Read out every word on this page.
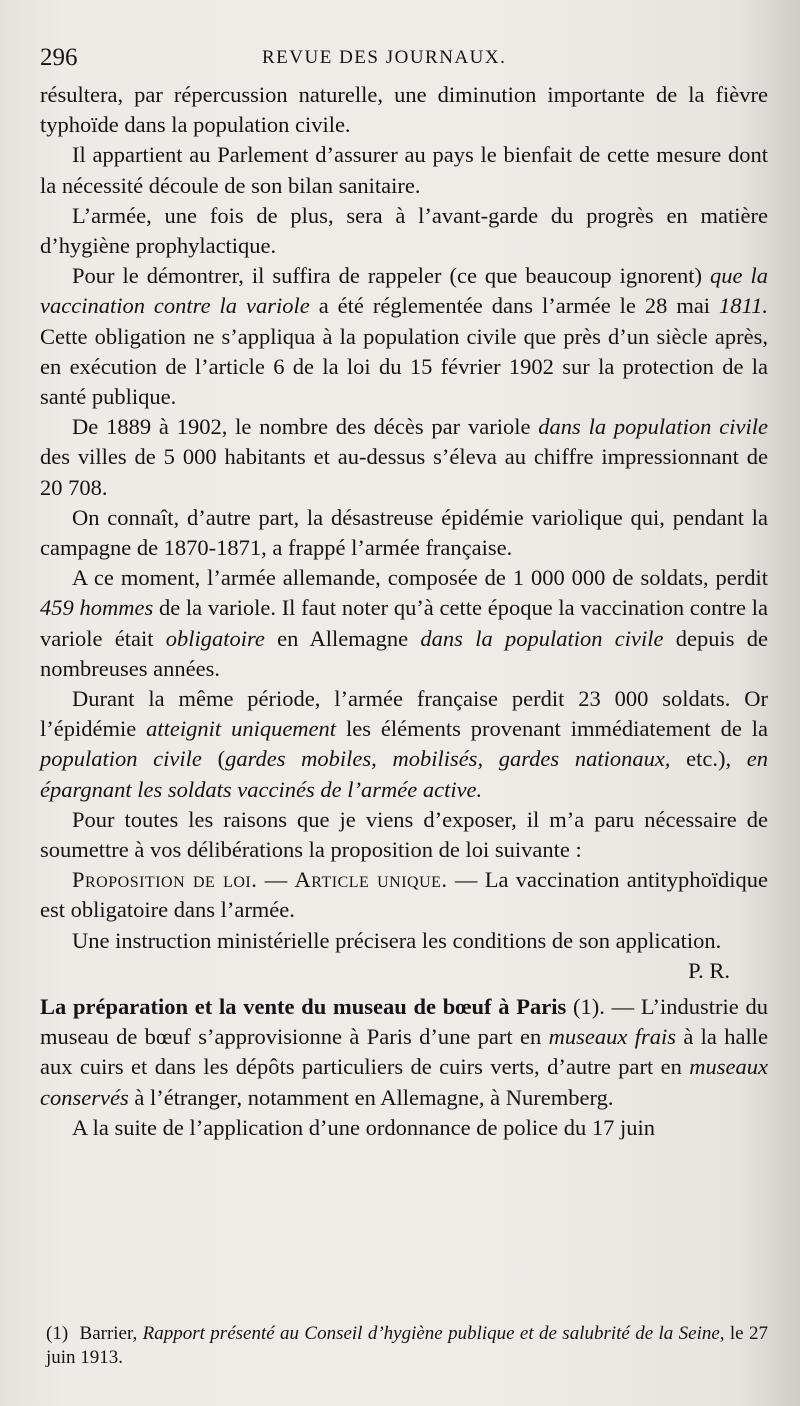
296	REVUE DES JOURNAUX.

résultera, par répercussion naturelle, une diminution importante de la fièvre typhoïde dans la population civile.

Il appartient au Parlement d’assurer au pays le bienfait de cette mesure dont la nécessité découle de son bilan sanitaire.

L’armée, une fois de plus, sera à l’avant-garde du progrès en matière d’hygiène prophylactique.

Pour le démontrer, il suffira de rappeler (ce que beaucoup ignorent) que la vaccination contre la variole a été réglementée dans l’armée le 28 mai 1811. Cette obligation ne s’appliqua à la population civile que près d’un siècle après, en exécution de l’article 6 de la loi du 15 février 1902 sur la protection de la santé publique.

De 1889 à 1902, le nombre des décès par variole dans la population civile des villes de 5 000 habitants et au-dessus s’éleva au chiffre impressionnant de 20 708.

On connaît, d’autre part, la désastreuse épidémie variolique qui, pendant la campagne de 1870-1871, a frappé l’armée française.

A ce moment, l’armée allemande, composée de 1 000 000 de soldats, perdit 459 hommes de la variole. Il faut noter qu’à cette époque la vaccination contre la variole était obligatoire en Allemagne dans la population civile depuis de nombreuses années.

Durant la même période, l’armée française perdit 23 000 soldats. Or l’épidémie atteignit uniquement les éléments provenant immédiatement de la population civile (gardes mobiles, mobilisés, gardes nationaux, etc.), en épargnant les soldats vaccinés de l’armée active.

Pour toutes les raisons que je viens d’exposer, il m’a paru nécessaire de soumettre à vos délibérations la proposition de loi suivante :

Proposition de loi. — Article unique. — La vaccination antityphoïdique est obligatoire dans l’armée.

Une instruction ministérielle précisera les conditions de son application.
P. R.

La préparation et la vente du museau de bœuf à Paris (1). — L’industrie du museau de bœuf s’approvisionne à Paris d’une part en museaux frais à la halle aux cuirs et dans les dépôts particuliers de cuirs verts, d’autre part en museaux conservés à l’étranger, notamment en Allemagne, à Nuremberg.

A la suite de l’application d’une ordonnance de police du 17 juin

(1) Barrier, Rapport présenté au Conseil d’hygiène publique et de salubrité de la Seine, le 27 juin 1913.
